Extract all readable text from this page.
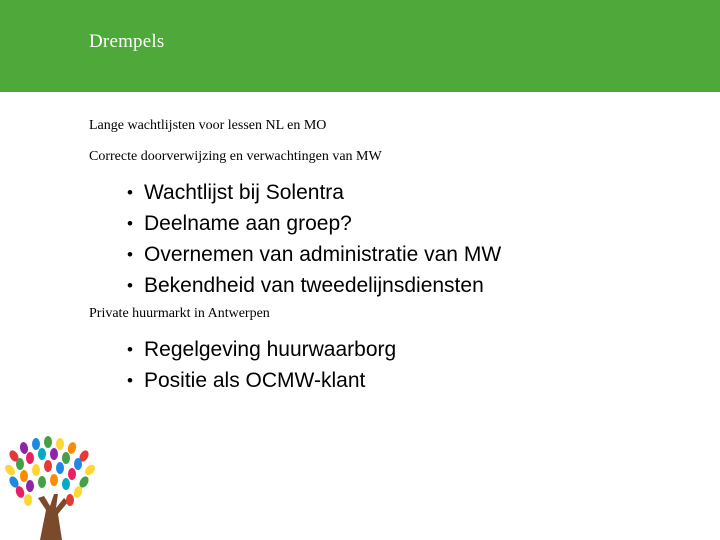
Drempels
Lange wachtlijsten voor lessen NL en MO
Correcte doorverwijzing en verwachtingen van MW
• Wachtlijst bij Solentra
• Deelname aan groep?
• Overnemen van administratie van MW
• Bekendheid van tweedelijnsdiensten
Private huurmarkt in Antwerpen
• Regelgeving huurwaarborg
• Positie als OCMW-klant
